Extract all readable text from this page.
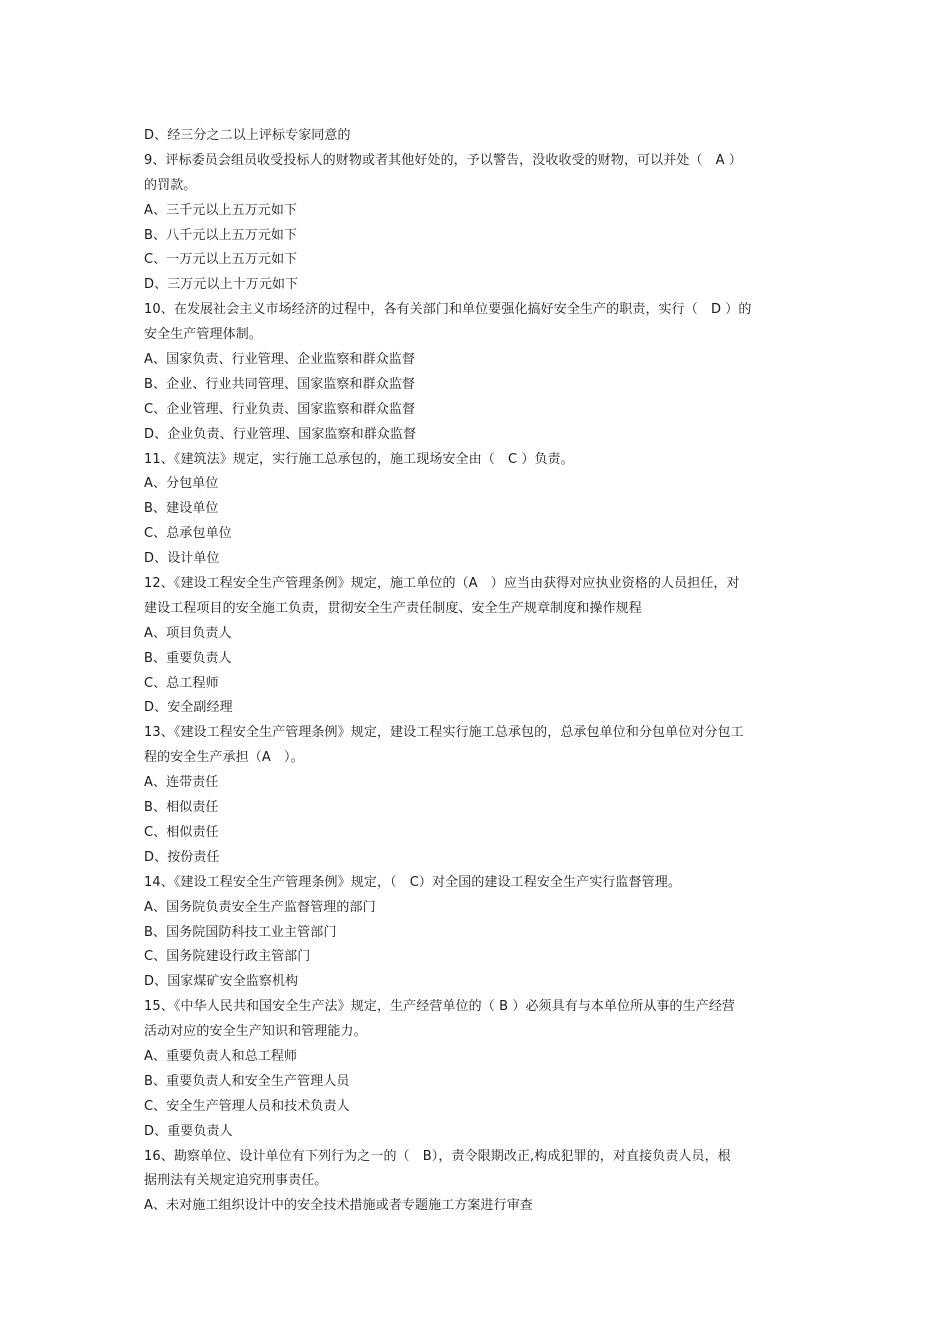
D、经三分之二以上评标专家同意的
9、评标委员会组员收受投标人的财物或者其他好处的，予以警告，没收收受的财物，可以并处（　A ）
的罚款。
A、三千元以上五万元如下
B、八千元以上五万元如下
C、一万元以上五万元如下
D、三万元以上十万元如下
10、在发展社会主义市场经济的过程中，各有关部门和单位要强化搞好安全生产的职责，实行（　D ）的
安全生产管理体制。
A、国家负责、行业管理、企业监察和群众监督
B、企业、行业共同管理、国家监察和群众监督
C、企业管理、行业负责、国家监察和群众监督
D、企业负责、行业管理、国家监察和群众监督
11、《建筑法》规定，实行施工总承包的，施工现场安全由（　C ）负责。
A、分包单位
B、建设单位
C、总承包单位
D、设计单位
12、《建设工程安全生产管理条例》规定，施工单位的（A　）应当由获得对应执业资格的人员担任，对
建设工程项目的安全施工负责，贯彻安全生产责任制度、安全生产规章制度和操作规程
A、项目负责人
B、重要负责人
C、总工程师
D、安全副经理
13、《建设工程安全生产管理条例》规定，建设工程实行施工总承包的，总承包单位和分包单位对分包工
程的安全生产承担（A　）。
A、连带责任
B、相似责任
C、相似责任
D、按份责任
14、《建设工程安全生产管理条例》规定，（　C）对全国的建设工程安全生产实行监督管理。
A、国务院负责安全生产监督管理的部门
B、国务院国防科技工业主管部门
C、国务院建设行政主管部门
D、国家煤矿安全监察机构
15、《中华人民共和国安全生产法》规定，生产经营单位的（ B ）必须具有与本单位所从事的生产经营
活动对应的安全生产知识和管理能力。
A、重要负责人和总工程师
B、重要负责人和安全生产管理人员
C、安全生产管理人员和技术负责人
D、重要负责人
16、勘察单位、设计单位有下列行为之一的（　B），责令限期改正,构成犯罪的，对直接负责人员，根
据刑法有关规定追究刑事责任。
A、未对施工组织设计中的安全技术措施或者专题施工方案进行审查
